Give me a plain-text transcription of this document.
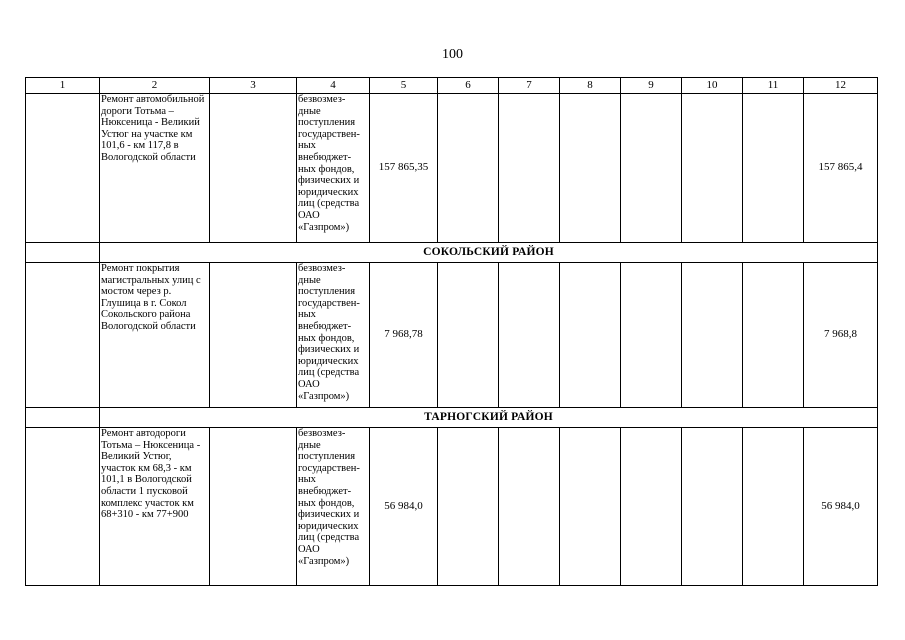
100
1	2	3	4	5	6	7	8	9	10	11	12
	Ремонт автомобильной дороги Тотьма – Нюксеница - Великий Устюг на участке км 101,6 - км 117,8 в Вологодской области		безвозмез-дные поступления государствен-ных внебюджет-ных фондов, физических и юридических лиц (средства ОАО «Газпром»)	157 865,35							157 865,4
	СОКОЛЬСКИЙ РАЙОН										
	Ремонт покрытия магистральных улиц с мостом через р. Глушица в г. Сокол Сокольского района Вологодской области		безвозмез-дные поступления государствен-ных внебюджет-ных фондов, физических и юридических лиц (средства ОАО «Газпром»)	7 968,78							7 968,8
	ТАРНОГСКИЙ РАЙОН										
	Ремонт автодороги Тотьма – Нюксеница - Великий Устюг, участок км 68,3 - км 101,1 в Вологодской области 1 пусковой комплекс участок км 68+310 - км 77+900		безвозмез-дные поступления государствен-ных внебюджет-ных фондов, физических и юридических лиц (средства ОАО «Газпром»)	56 984,0							56 984,0
